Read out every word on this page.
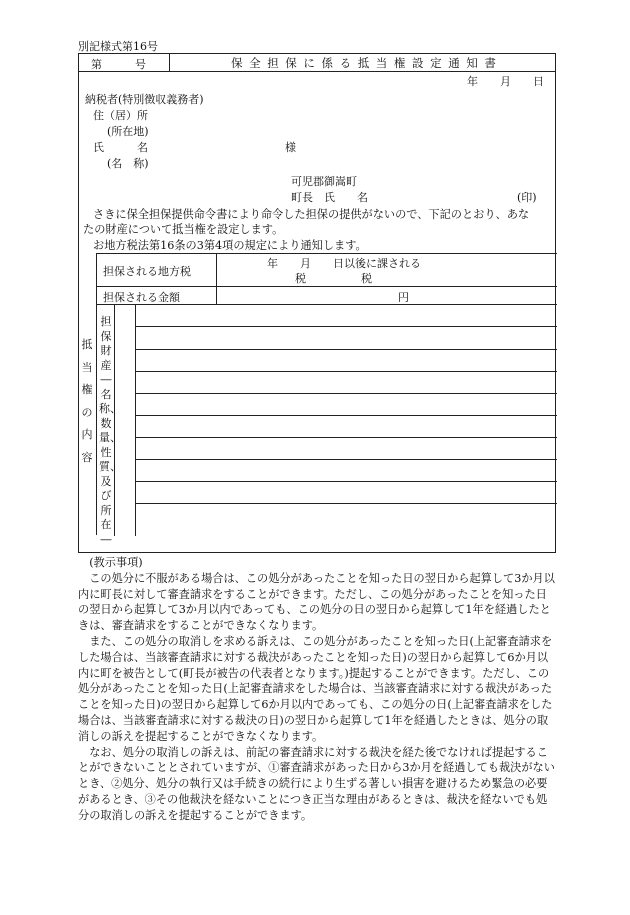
別記様式第16号
第　　　号	保全担保に係る抵当権設定通知書
年　　月　　日
納税者(特別徴収義務者)
住（居）所
(所在地)
氏　　　名	様
(名　称)
可児郡御嵩町
町長　氏　　名	(印)
さきに保全担保提供命令書により命令した担保の提供がないので、下記のとおり、あな
たの財産について抵当権を設定します。
お地方税法第16条の3第4項の規定により通知します。
担保される地方税
年　　月　　日以後に課される
税　　　　　税
担保される金額	円
担保財産―名称、数量、性質、及び所在―
抵当権の内容

(教示事項)

この処分に不服がある場合は、この処分があったことを知った日の翌日から起算して3か月以内に町長に対して審査請求をすることができます。ただし、この処分があったことを知った日の翌日から起算して3か月以内であっても、この処分の日の翌日から起算して1年を経過したときは、審査請求をすることができなくなります。

また、この処分の取消しを求める訴えは、この処分があったことを知った日(上記審査請求をした場合は、当該審査請求に対する裁決があったことを知った日)の翌日から起算して6か月以内に町を被告として(町長が被告の代表者となります。)提起することができます。ただし、この処分があったことを知った日(上記審査請求をした場合は、当該審査請求に対する裁決があったことを知った日)の翌日から起算して6か月以内であっても、この処分の日(上記審査請求をした場合は、当該審査請求に対する裁決の日)の翌日から起算して1年を経過したときは、処分の取消しの訴えを提起することができなくなります。

なお、処分の取消しの訴えは、前記の審査請求に対する裁決を経た後でなければ提起することができないこととされていますが、①審査請求があった日から3か月を経過しても裁決がないとき、②処分、処分の執行又は手続きの続行により生ずる著しい損害を避けるため緊急の必要があるとき、③その他裁決を経ないことにつき正当な理由があるときは、裁決を経ないでも処分の取消しの訴えを提起することができます。
